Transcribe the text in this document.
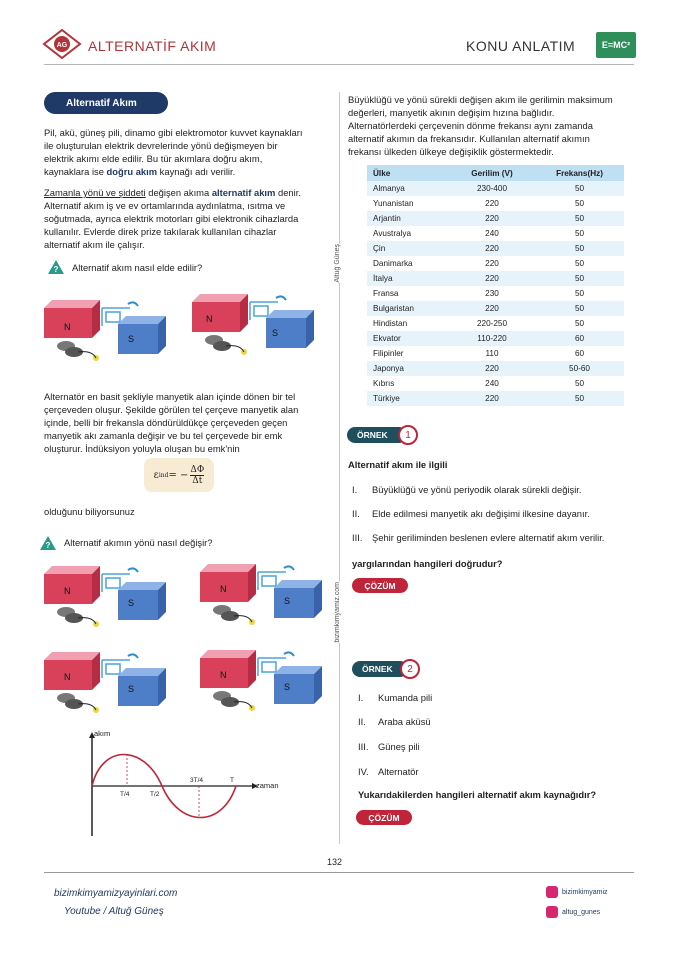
AG ALTERNATİF AKIM	KONU ANLATIM	E=MC²
Alternatif Akım
Pil, akü, güneş pili, dinamo gibi elektromotor kuvvet kaynakları
ile oluşturulan elektrik devrelerinde yönü değişmeyen bir
elektrik akımı elde edilir. Bu tür akımlara doğru akım,
kaynaklara ise doğru akım kaynağı adı verilir.
Zamanla yönü ve şiddeti değişen akıma alternatif akım denir.
Alternatif akım iş ve ev ortamlarında aydınlatma, ısıtma ve
soğutmada, ayrıca elektrik motorları gibi elektronik cihazlarda
kullanılır. Evlerde direk prize takılarak kullanılan cihazlar
alternatif akım ile çalışır.
? Alternatif akım nasıl elde edilir?
N
S
N
S
Alternatör en basit şekliyle manyetik alan içinde dönen bir tel
çerçeveden oluşur. Şekilde görülen tel çerçeve manyetik alan
içinde, belli bir frekansla döndürüldükçe çerçeveden geçen
manyetik akı zamanla değişir ve bu tel çerçevede bir emk
oluşturur. İndüksiyon yoluyla oluşan bu emk'nin
ε ind = − $\frac{\Delta\Phi}{\Delta t}$
olduğunu biliyorsunuz
? Alternatif akımın yönü nasıl değişir?
N
S
N
S
N
S
N
S
akım
zaman
T/4	T/2
3T/4	T
Altuğ Güneş
bizimkimyamiz.com
Büyüklüğü ve yönü sürekli değişen akım ile gerilimin maksimum
değerleri, manyetik akının değişim hızına bağlıdır.
Alternatörlerdeki çerçevenin dönme frekansı aynı zamanda
alternatif akımın da frekansıdır. Kullanılan alternatif akımın
frekansı ülkeden ülkeye değişiklik göstermektedir.
Ülke	Gerilim (V)	Frekans(Hz)
Almanya	230-400	50
Yunanistan	220	50
Arjantin	220	50
Avustralya	240	50
Çin	220	50
Danimarka	220	50
İtalya	220	50
Fransa	230	50
Bulgaristan	220	50
Hindistan	220-250	50
Ekvator	110-220	60
Filipinler	110	60
Japonya	220	50-60
Kıbrıs	240	50
Türkiye	220	50
ÖRNEK	1
Alternatif akım ile ilgili
I. Büyüklüğü ve yönü periyodik olarak sürekli değişir.
II. Elde edilmesi manyetik akı değişimi ilkesine dayanır.
III. Şehir geriliminden beslenen evlere alternatif akım verilir.
yargılarından hangileri doğrudur?
ÇÖZÜM
ÖRNEK	2
I. Kumanda pili
II. Araba aküsü
III. Güneş pili
IV. Alternatör
Yukarıdakilerden hangileri alternatif akım kaynağıdır?
ÇÖZÜM
132
bizimkimyamizyayinlari.com
Youtube / Altuğ Güneş
bizimkimyamiz
altug_gunes
